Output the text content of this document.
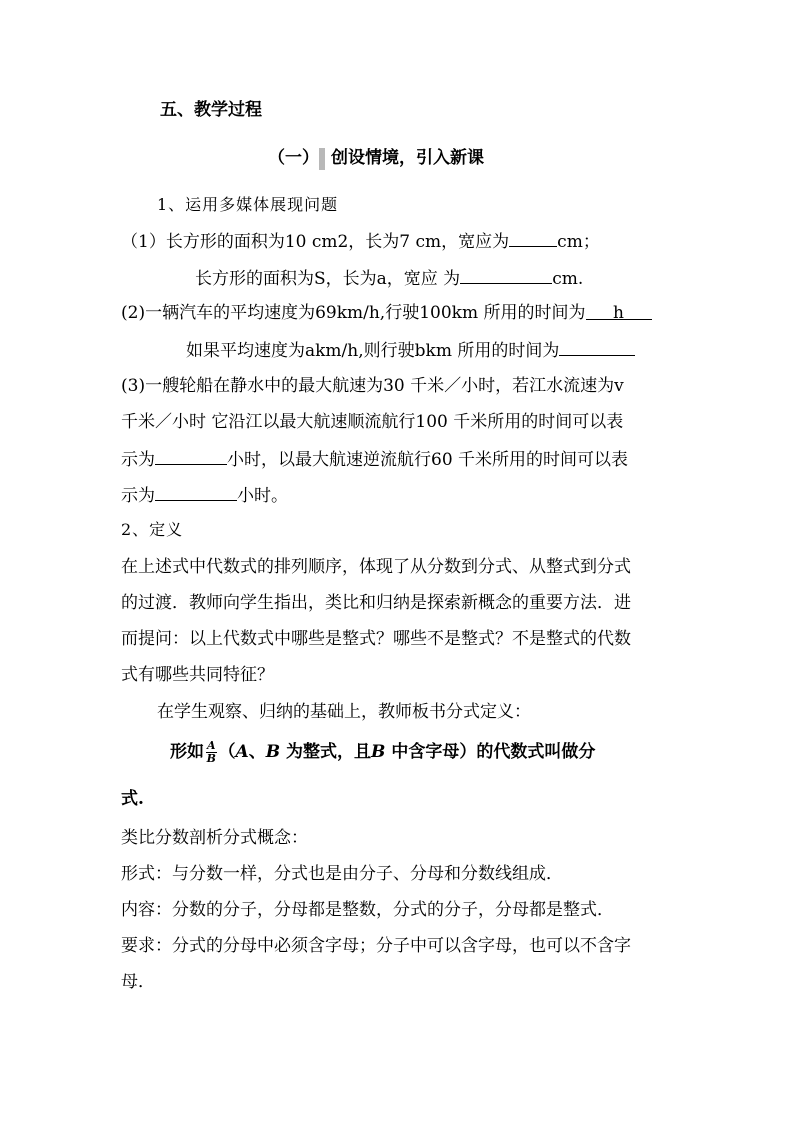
五、教学过程
（一） 创设情境，引入新课
1、运用多媒体展现问题
（1）长方形的面积为10 cm2，长为7 cm，宽应为	cm；
长方形的面积为S，长为a，宽应 为	cm.
(2)一辆汽车的平均速度为69km/h,行驶100km 所用的时间为 h
如果平均速度为akm/h,则行驶bkm 所用的时间为
(3)一艘轮船在静水中的最大航速为30 千米／小时，若江水流速为v
千米／小时 它沿江以最大航速顺流航行100 千米所用的时间可以表
示为	小时，以最大航速逆流航行60 千米所用的时间可以表
示为	小时。
2、定义
在上述式中代数式的排列顺序，体现了从分数到分式、从整式到分式
的过渡．教师向学生指出，类比和归纳是探索新概念的重要方法．进
而提问：以上代数式中哪些是整式？哪些不是整式？不是整式的代数
式有哪些共同特征？
在学生观察、归纳的基础上，教师板书分式定义：
形如 $\frac{A}{B} (A$、B 为整式，且B 中含字母）的代数式叫做分
式.
类比分数剖析分式概念：
形式：与分数一样，分式也是由分子、分母和分数线组成．
内容：分数的分子，分母都是整数，分式的分子，分母都是整式．
要求：分式的分母中必须含字母；分子中可以含字母，也可以不含字
母．
